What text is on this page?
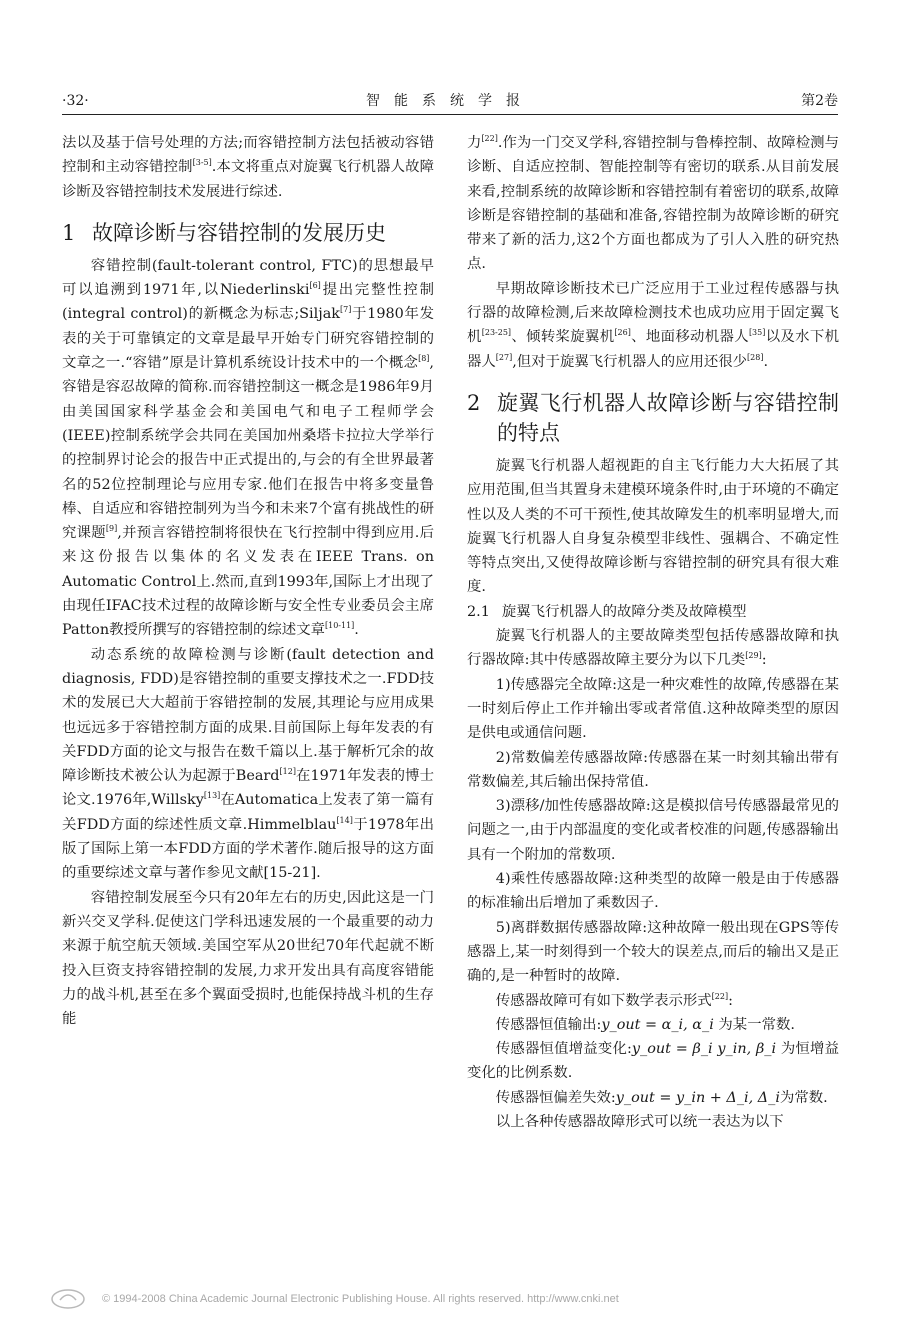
·32·	智能系统学报	第2卷

法以及基于信号处理的方法;而容错控制方法包括被动容错控制和主动容错控制[3-5].本文将重点对旋翼飞行机器人故障诊断及容错控制技术发展进行综述.

1 故障诊断与容错控制的发展历史

容错控制(fault-tolerant control, FTC)的思想最早可以追溯到1971年,以Niederlinski[6]提出完整性控制(integral control)的新概念为标志;Siljak[7]于1980年发表的关于可靠镇定的文章是最早开始专门研究容错控制的文章之一.“容错”原是计算机系统设计技术中的一个概念[8],容错是容忍故障的简称.而容错控制这一概念是1986年9月由美国国家科学基金会和美国电气和电子工程师学会(IEEE)控制系统学会共同在美国加州桑塔卡拉拉大学举行的控制界讨论会的报告中正式提出的,与会的有全世界最著名的52位控制理论与应用专家.他们在报告中将多变量鲁棒、自适应和容错控制列为当今和未来7个富有挑战性的研究课题[9],并预言容错控制将很快在飞行控制中得到应用.后来这份报告以集体的名义发表在IEEE Trans. on Automatic Control上.然而,直到1993年,国际上才出现了由现任IFAC技术过程的故障诊断与安全性专业委员会主席Patton教授所撰写的容错控制的综述文章[10-11].

动态系统的故障检测与诊断(fault detection and diagnosis, FDD)是容错控制的重要支撑技术之一.FDD技术的发展已大大超前于容错控制的发展,其理论与应用成果也远远多于容错控制方面的成果.目前国际上每年发表的有关FDD方面的论文与报告在数千篇以上.基于解析冗余的故障诊断技术被公认为起源于Beard[12]在1971年发表的博士论文.1976年,Willsky[13]在Automatica上发表了第一篇有关FDD方面的综述性质文章.Himmelblau[14]于1978年出版了国际上第一本FDD方面的学术著作.随后报导的这方面的重要综述文章与著作参见文献[15-21].

容错控制发展至今只有20年左右的历史,因此这是一门新兴交叉学科.促使这门学科迅速发展的一个最重要的动力来源于航空航天领域.美国空军从20世纪70年代起就不断投入巨资支持容错控制的发展,力求开发出具有高度容错能力的战斗机,甚至在多个翼面受损时,也能保持战斗机的生存能

力[22].作为一门交叉学科,容错控制与鲁棒控制、故障检测与诊断、自适应控制、智能控制等有密切的联系.从目前发展来看,控制系统的故障诊断和容错控制有着密切的联系,故障诊断是容错控制的基础和准备,容错控制为故障诊断的研究带来了新的活力,这2个方面也都成为了引人入胜的研究热点.

早期故障诊断技术已广泛应用于工业过程传感器与执行器的故障检测,后来故障检测技术也成功应用于固定翼飞机[23-25]、倾转桨旋翼机[26]、地面移动机器人[35]以及水下机器人[27],但对于旋翼飞行机器人的应用还很少[28].

2 旋翼飞行机器人故障诊断与容错控制的特点

旋翼飞行机器人超视距的自主飞行能力大大拓展了其应用范围,但当其置身未建模环境条件时,由于环境的不确定性以及人类的不可干预性,使其故障发生的机率明显增大,而旋翼飞行机器人自身复杂模型非线性、强耦合、不确定性等特点突出,又使得故障诊断与容错控制的研究具有很大难度.

2.1 旋翼飞行机器人的故障分类及故障模型

旋翼飞行机器人的主要故障类型包括传感器故障和执行器故障:其中传感器故障主要分为以下几类[29]:

1)传感器完全故障:这是一种灾难性的故障,传感器在某一时刻后停止工作并输出零或者常值.这种故障类型的原因是供电或通信问题.

2)常数偏差传感器故障:传感器在某一时刻其输出带有常数偏差,其后输出保持常值.

3)漂移/加性传感器故障:这是模拟信号传感器最常见的问题之一,由于内部温度的变化或者校准的问题,传感器输出具有一个附加的常数项.

4)乘性传感器故障:这种类型的故障一般是由于传感器的标准输出后增加了乘数因子.

5)离群数据传感器故障:这种故障一般出现在GPS等传感器上,某一时刻得到一个较大的误差点,而后的输出又是正确的,是一种暂时的故障.

传感器故障可有如下数学表示形式[22]:

传感器恒值输出:y_out = α_i, α_i 为某一常数.

传感器恒值增益变化:y_out = β_i y_in, β_i 为恒增益变化的比例系数.

传感器恒偏差失效:y_out = y_in + Δ_i, Δ_i为常数.

以上各种传感器故障形式可以统一表达为以下

© 1994-2008 China Academic Journal Electronic Publishing House. All rights reserved. http://www.cnki.net
